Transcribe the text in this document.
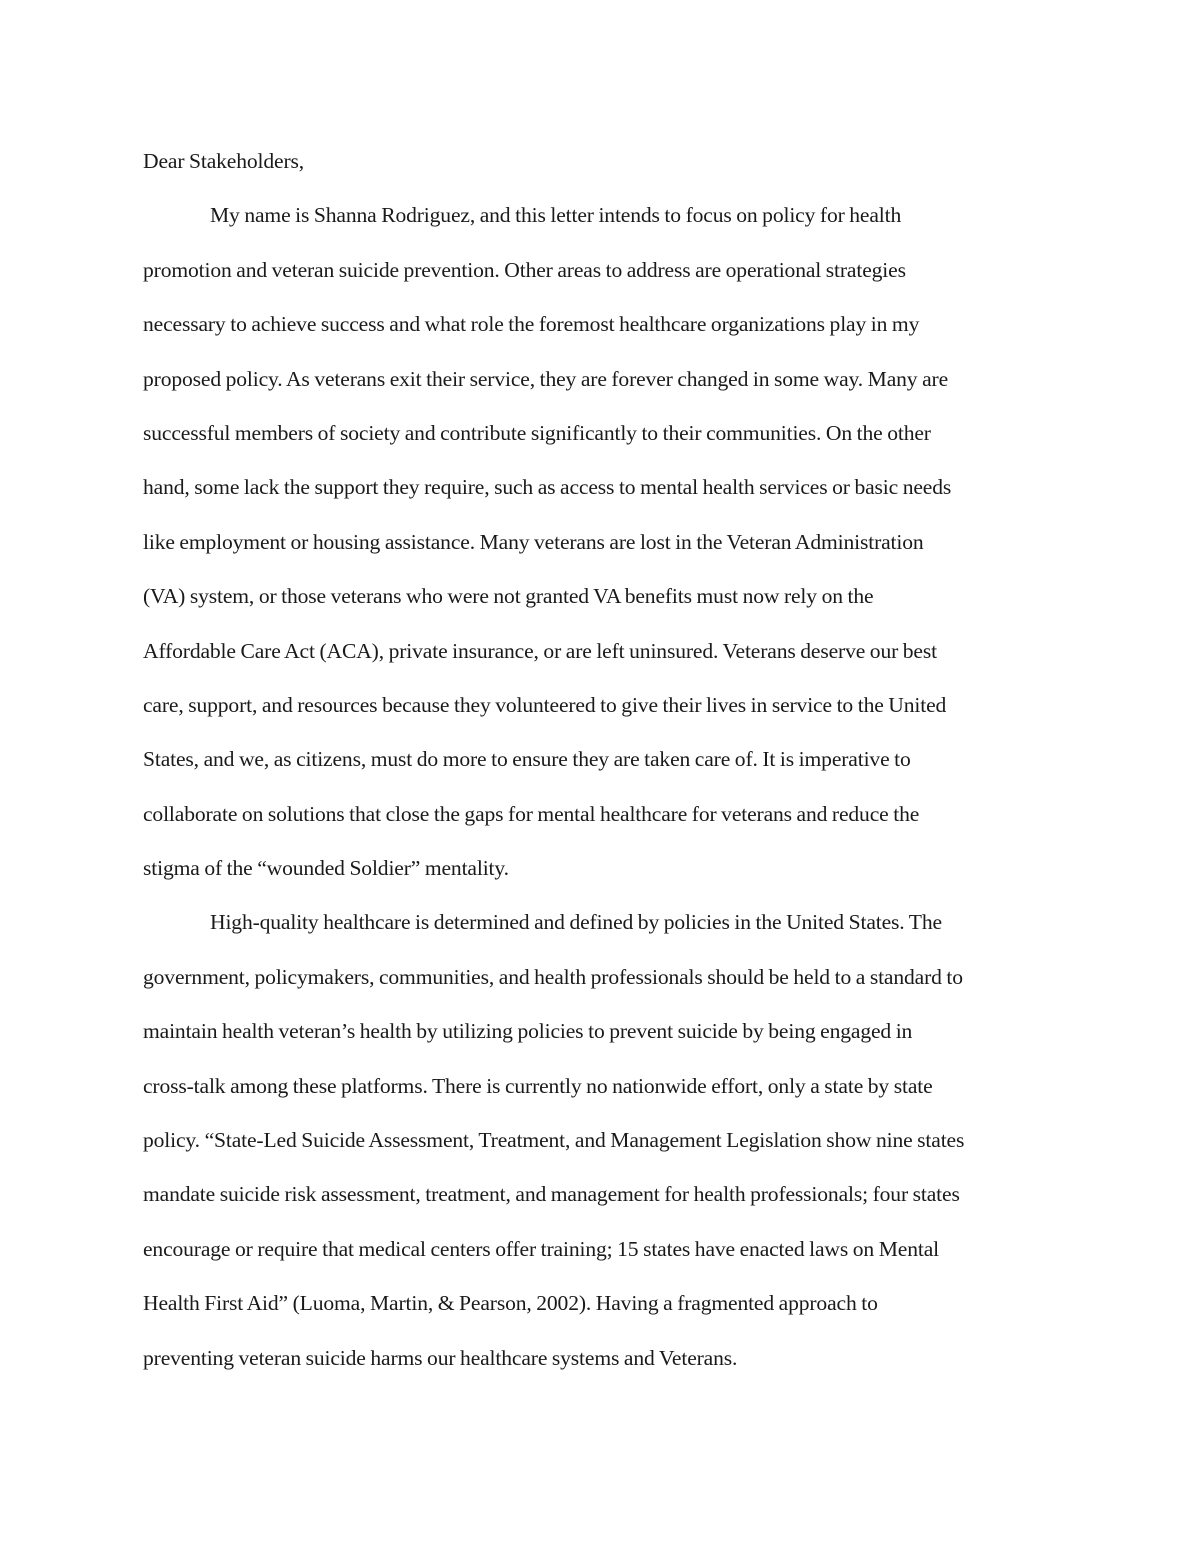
Dear Stakeholders,
My name is Shanna Rodriguez, and this letter intends to focus on policy for health
promotion and veteran suicide prevention. Other areas to address are operational strategies
necessary to achieve success and what role the foremost healthcare organizations play in my
proposed policy. As veterans exit their service, they are forever changed in some way. Many are
successful members of society and contribute significantly to their communities. On the other
hand, some lack the support they require, such as access to mental health services or basic needs
like employment or housing assistance. Many veterans are lost in the Veteran Administration
(VA) system, or those veterans who were not granted VA benefits must now rely on the
Affordable Care Act (ACA), private insurance, or are left uninsured. Veterans deserve our best
care, support, and resources because they volunteered to give their lives in service to the United
States, and we, as citizens, must do more to ensure they are taken care of. It is imperative to
collaborate on solutions that close the gaps for mental healthcare for veterans and reduce the
stigma of the “wounded Soldier” mentality.
High-quality healthcare is determined and defined by policies in the United States. The
government, policymakers, communities, and health professionals should be held to a standard to
maintain health veteran’s health by utilizing policies to prevent suicide by being engaged in
cross-talk among these platforms. There is currently no nationwide effort, only a state by state
policy. “State-Led Suicide Assessment, Treatment, and Management Legislation show nine states
mandate suicide risk assessment, treatment, and management for health professionals; four states
encourage or require that medical centers offer training; 15 states have enacted laws on Mental
Health First Aid” (Luoma, Martin, & Pearson, 2002). Having a fragmented approach to
preventing veteran suicide harms our healthcare systems and Veterans.
